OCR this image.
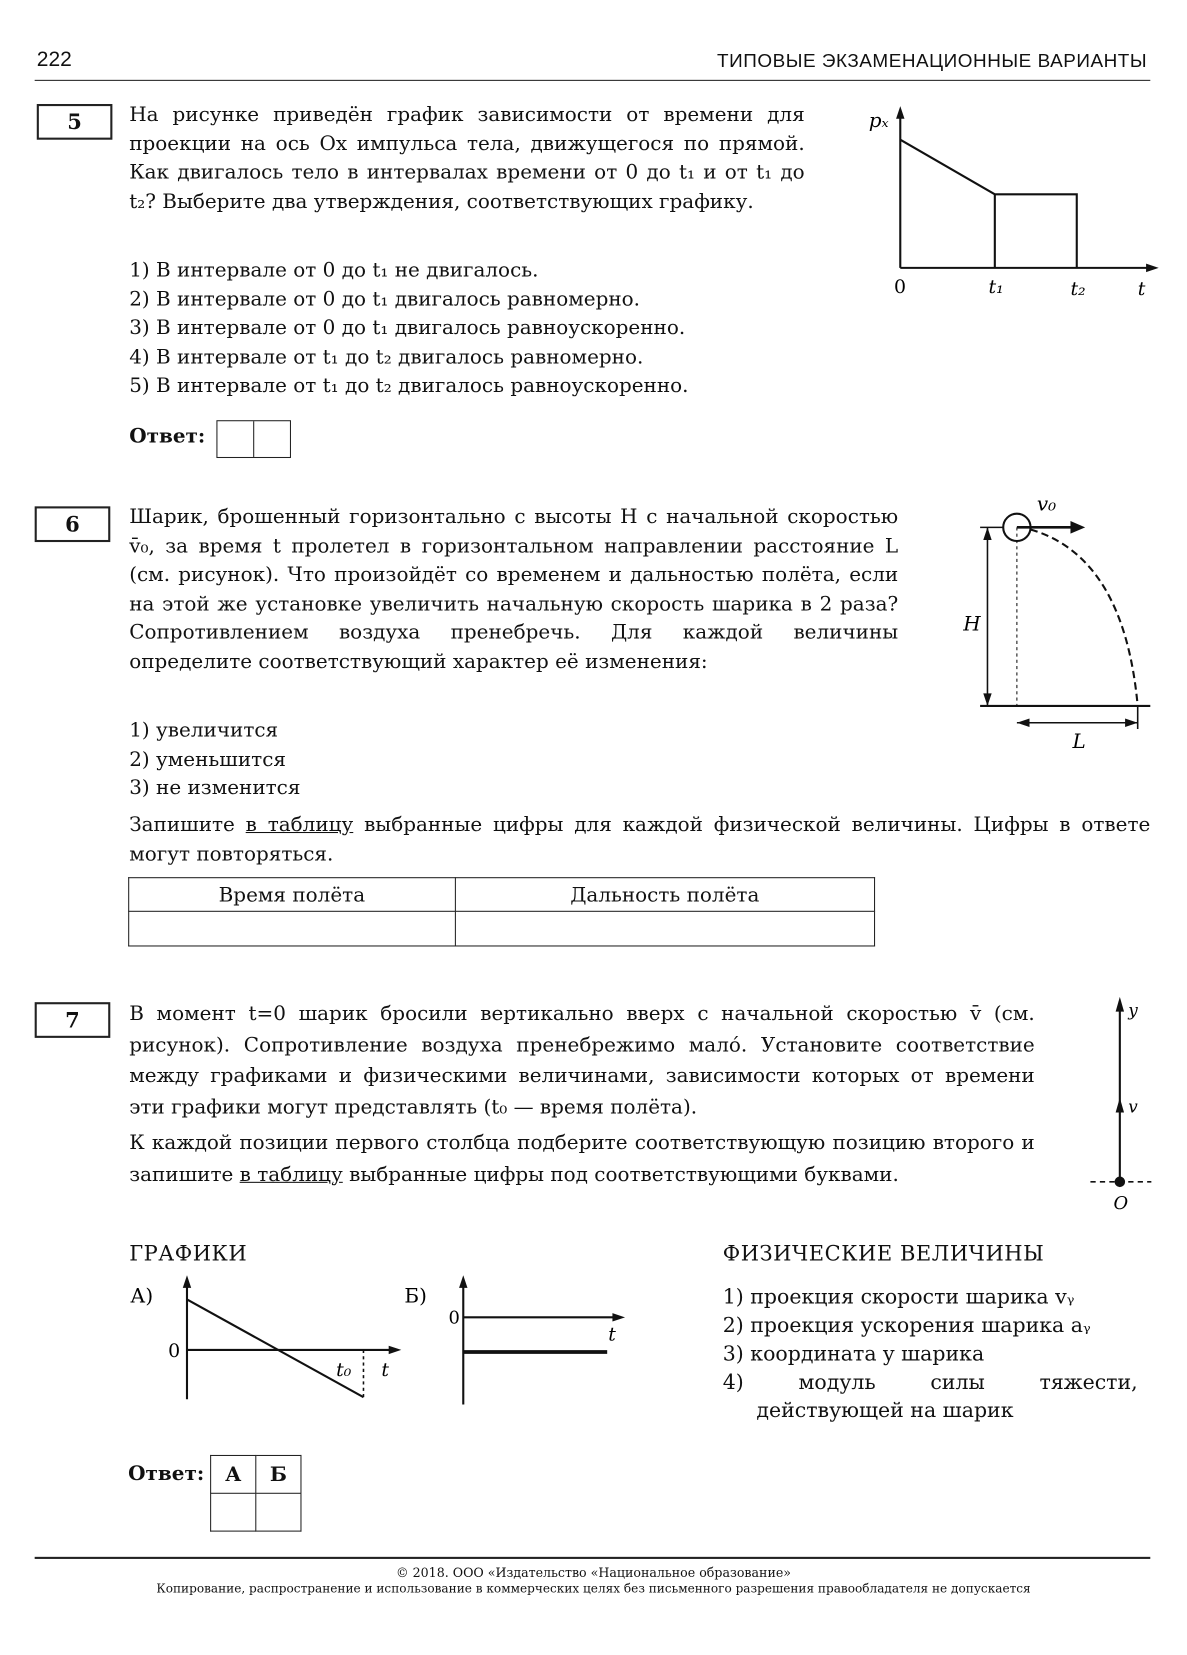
222	ТИПОВЫЕ ЭКЗАМЕНАЦИОННЫЕ ВАРИАНТЫ
5	На рисунке приведён график зависимости от времени для проекции на ось Ox импульса тела, движущегося по прямой. Как двигалось тело в интервалах времени от 0 до t₁ и от t₁ до t₂? Выберите два утверждения, соответствующих графику.
1) В интервале от 0 до t₁ не двигалось.
2) В интервале от 0 до t₁ двигалось равномерно.
3) В интервале от 0 до t₁ двигалось равноускоренно.
4) В интервале от t₁ до t₂ двигалось равномерно.
5) В интервале от t₁ до t₂ двигалось равноускоренно.
Ответ:
pₓ
0	t₁	t₂	t
6	Шарик, брошенный горизонтально с высоты H с начальной скоростью v̄₀, за время t пролетел в горизонтальном направлении расстояние L (см. рисунок). Что произойдёт со временем и дальностью полёта, если на этой же установке увеличить начальную скорость шарика в 2 раза? Сопротивлением воздуха пренебречь. Для каждой величины определите соответствующий характер её изменения:
1) увеличится
2) уменьшится
3) не изменится
Запишите в таблицу выбранные цифры для каждой физической величины. Цифры в ответе могут повторяться.
Время полёта	Дальность полёта

v₀
H
L
7	В момент t=0 шарик бросили вертикально вверх с начальной скоростью v̄ (см. рисунок). Сопротивление воздуха пренебрежимо мало́. Установите соответствие между графиками и физическими величинами, зависимости которых от времени эти графики могут представлять (t₀ — время полёта).
К каждой позиции первого столбца подберите соответствующую позицию второго и запишите в таблицу выбранные цифры под соответствующими буквами.
y
v
O
ГРАФИКИ	ФИЗИЧЕСКИЕ ВЕЛИЧИНЫ
А)
0
t₀ t
Б)
0
t
1) проекция скорости шарика vᵧ
2) проекция ускорения шарика aᵧ
3) координата y шарика
4) модуль силы тяжести, действующей на шарик
Ответ: А	Б

© 2018. ООО «Издательство «Национальное образование»
Копирование, распространение и использование в коммерческих целях без письменного разрешения правообладателя не допускается
